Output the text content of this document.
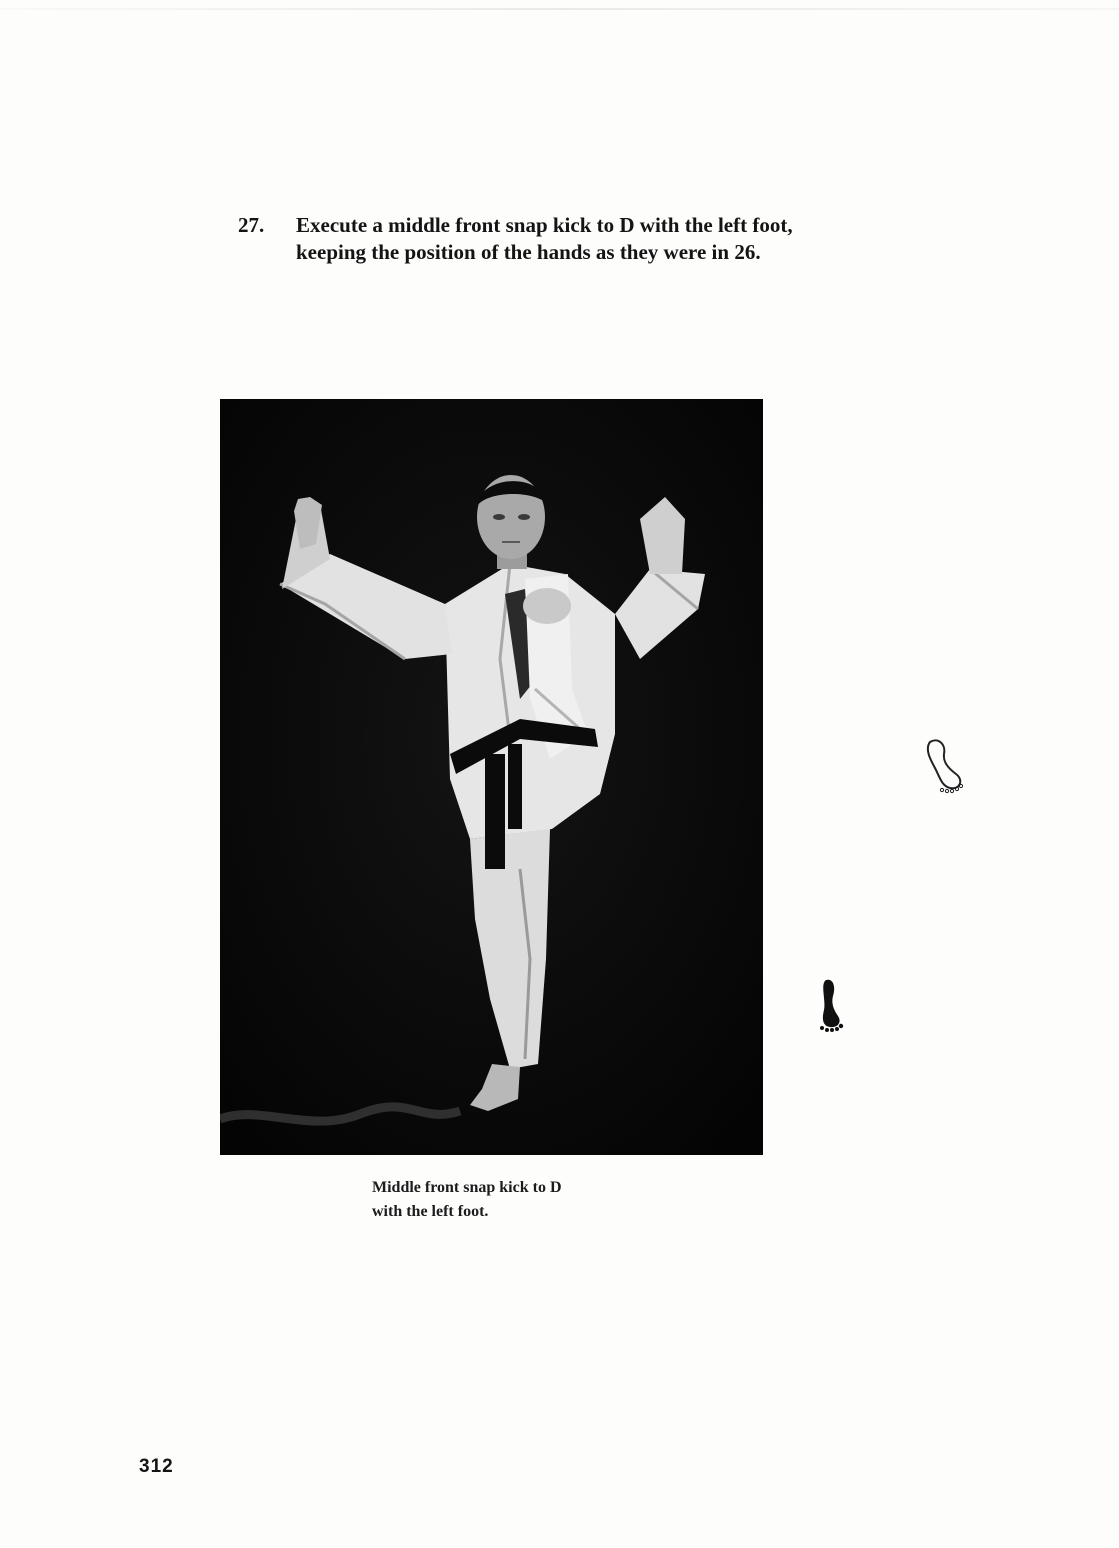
27. Execute a middle front snap kick to D with the left foot,
keeping the position of the hands as they were in 26.
Middle front snap kick to D
with the left foot.
312
